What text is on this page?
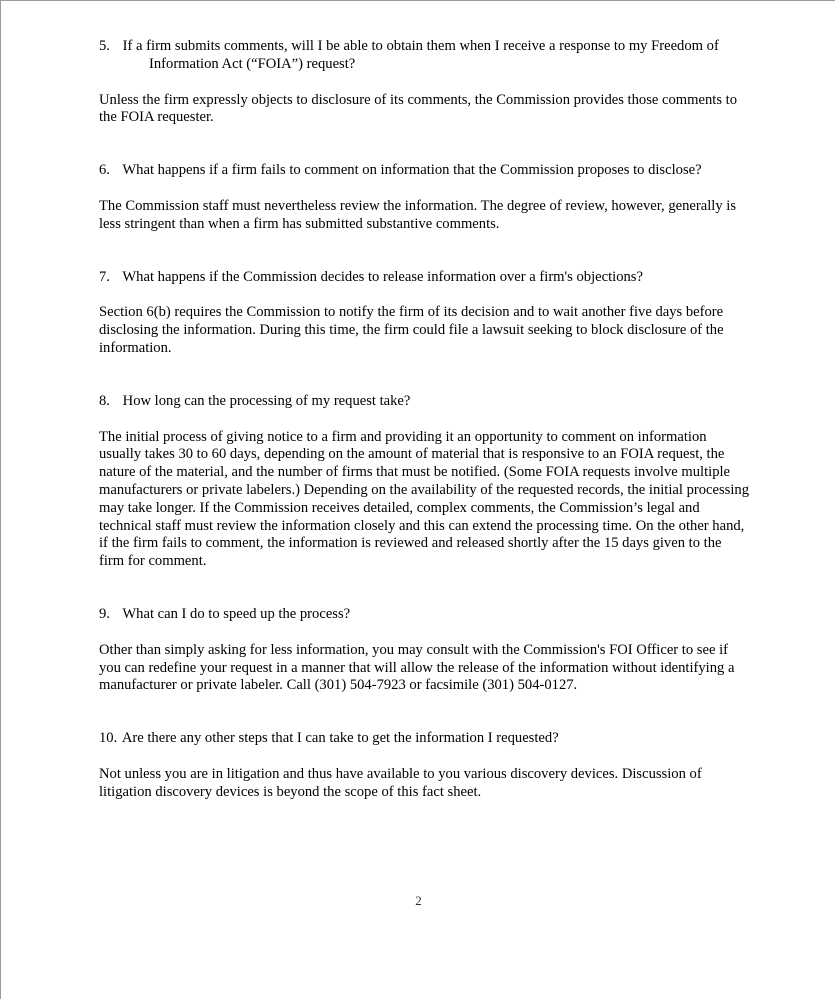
5. If a firm submits comments, will I be able to obtain them when I receive a response to my Freedom of Information Act (“FOIA”) request?

Unless the firm expressly objects to disclosure of its comments, the Commission provides those comments to the FOIA requester.

6. What happens if a firm fails to comment on information that the Commission proposes to disclose?

The Commission staff must nevertheless review the information. The degree of review, however, generally is less stringent than when a firm has submitted substantive comments.

7. What happens if the Commission decides to release information over a firm's objections?

Section 6(b) requires the Commission to notify the firm of its decision and to wait another five days before disclosing the information. During this time, the firm could file a lawsuit seeking to block disclosure of the information.

8. How long can the processing of my request take?

The initial process of giving notice to a firm and providing it an opportunity to comment on information usually takes 30 to 60 days, depending on the amount of material that is responsive to an FOIA request, the nature of the material, and the number of firms that must be notified. (Some FOIA requests involve multiple manufacturers or private labelers.) Depending on the availability of the requested records, the initial processing may take longer. If the Commission receives detailed, complex comments, the Commission’s legal and technical staff must review the information closely and this can extend the processing time. On the other hand, if the firm fails to comment, the information is reviewed and released shortly after the 15 days given to the firm for comment.

9. What can I do to speed up the process?

Other than simply asking for less information, you may consult with the Commission's FOI Officer to see if you can redefine your request in a manner that will allow the release of the information without identifying a manufacturer or private labeler. Call (301) 504-7923 or facsimile (301) 504-0127.

10. Are there any other steps that I can take to get the information I requested?

Not unless you are in litigation and thus have available to you various discovery devices. Discussion of litigation discovery devices is beyond the scope of this fact sheet.

2
